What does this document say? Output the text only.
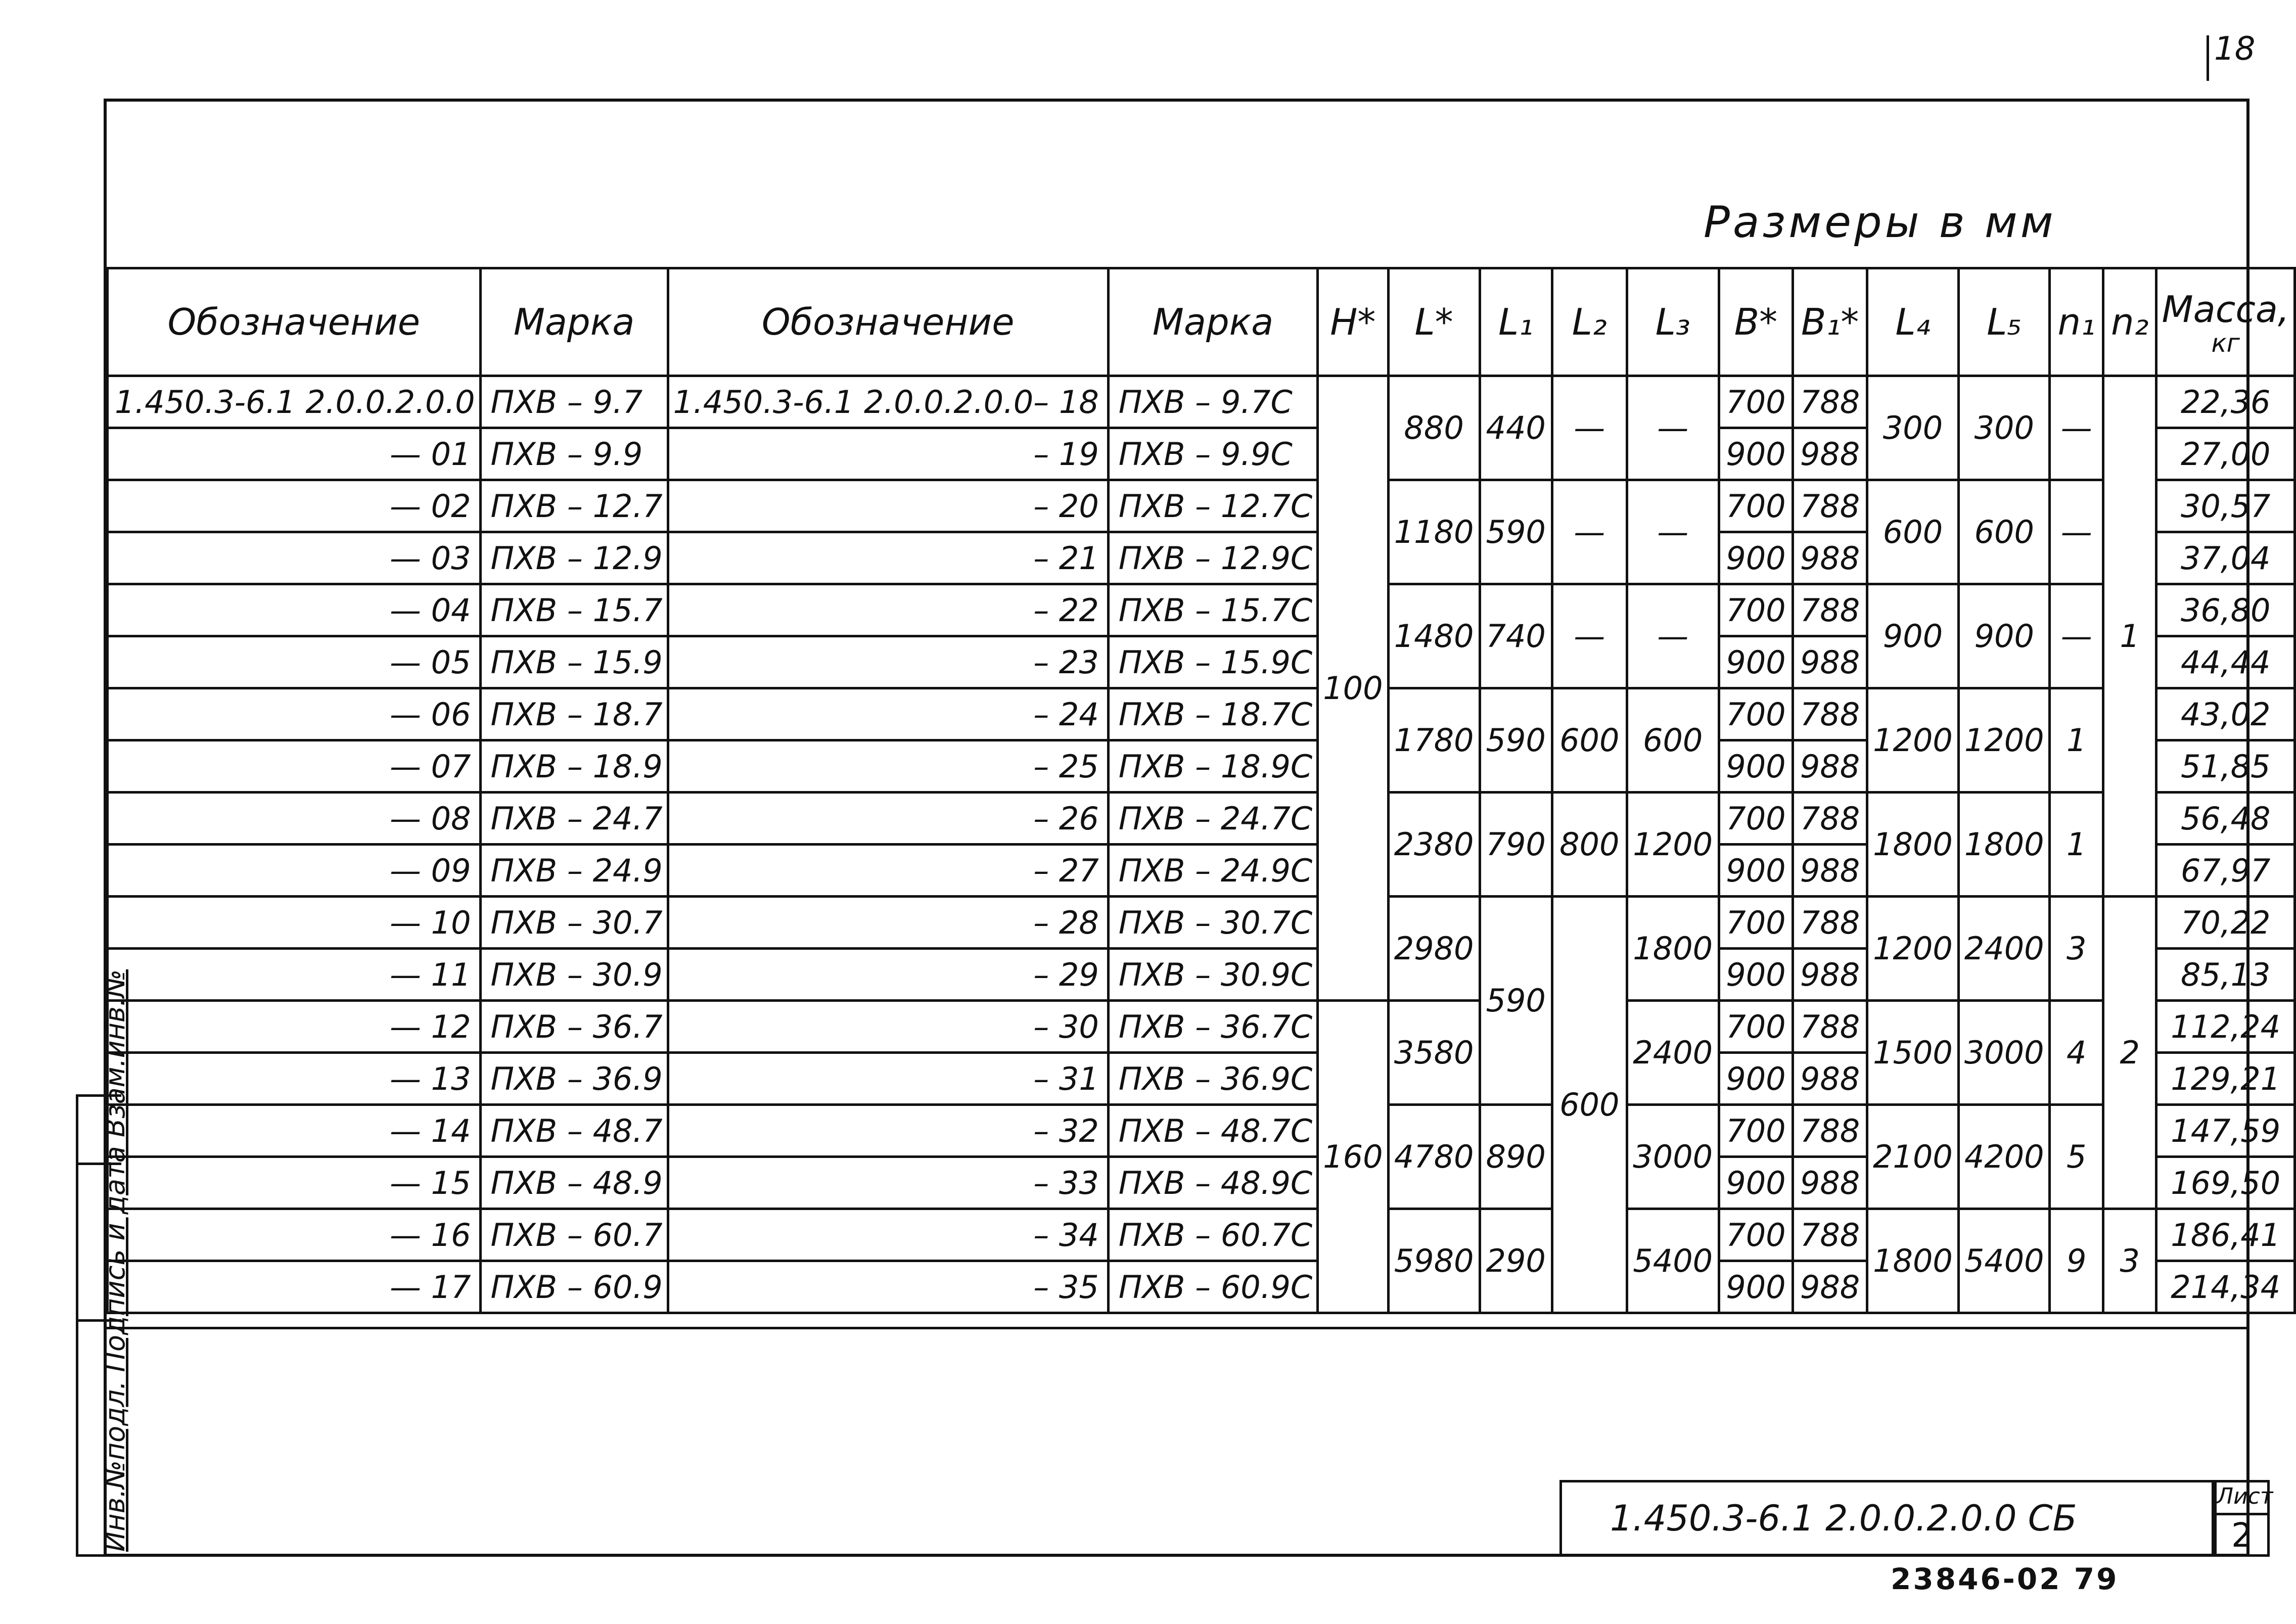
18
Размеры в мм
Обозначение	Марка	Обозначение	Марка	H*	L*	L₁	L₂	L₃	B*	B₁*	L₄	L₅	n₁	n₂	Масса,
кг

1.450.3-6.1 2.0.0.2.0.0	ПХВ – 9.7	1.450.3-6.1 2.0.0.2.0.0– 18	ПХВ – 9.7С	100	880	440	—	—	700	788	300	300	—	1	22,36
— 01	ПХВ – 9.9	– 19	ПХВ – 9.9С						900	988					27,00
— 02	ПХВ – 12.7	– 20	ПХВ – 12.7С		1180	590	—	—	700	788	600	600	—		30,57
— 03	ПХВ – 12.9	– 21	ПХВ – 12.9С						900	988					37,04
— 04	ПХВ – 15.7	– 22	ПХВ – 15.7С		1480	740	—	—	700	788	900	900	—		36,80
— 05	ПХВ – 15.9	– 23	ПХВ – 15.9С						900	988					44,44
— 06	ПХВ – 18.7	– 24	ПХВ – 18.7С		1780	590	600	600	700	788	1200	1200	1		43,02
— 07	ПХВ – 18.9	– 25	ПХВ – 18.9С						900	988					51,85
— 08	ПХВ – 24.7	– 26	ПХВ – 24.7С		2380	790	800	1200	700	788	1800	1800	1		56,48
— 09	ПХВ – 24.9	– 27	ПХВ – 24.9С						900	988					67,97
— 10	ПХВ – 30.7	– 28	ПХВ – 30.7С		2980	590	600	1800	700	788	1200	2400	3	2	70,22
— 11	ПХВ – 30.9	– 29	ПХВ – 30.9С						900	988					85,13
— 12	ПХВ – 36.7	– 30	ПХВ – 36.7С	160	3580			2400	700	788	1500	3000	4		112,24
— 13	ПХВ – 36.9	– 31	ПХВ – 36.9С						900	988					129,21
— 14	ПХВ – 48.7	– 32	ПХВ – 48.7С		4780	890		3000	700	788	2100	4200	5		147,59
— 15	ПХВ – 48.9	– 33	ПХВ – 48.9С						900	988					169,50
— 16	ПХВ – 60.7	– 34	ПХВ – 60.7С		5980	290		5400	700	788	1800	5400	9	3	186,41
— 17	ПХВ – 60.9	– 35	ПХВ – 60.9С						900	988					214,34
Инв.№подл. Подпись и дата Взам.инв.№	1.450.3-6.1 2.0.0.2.0.0 СБ
Лист
2
23846-02 79
